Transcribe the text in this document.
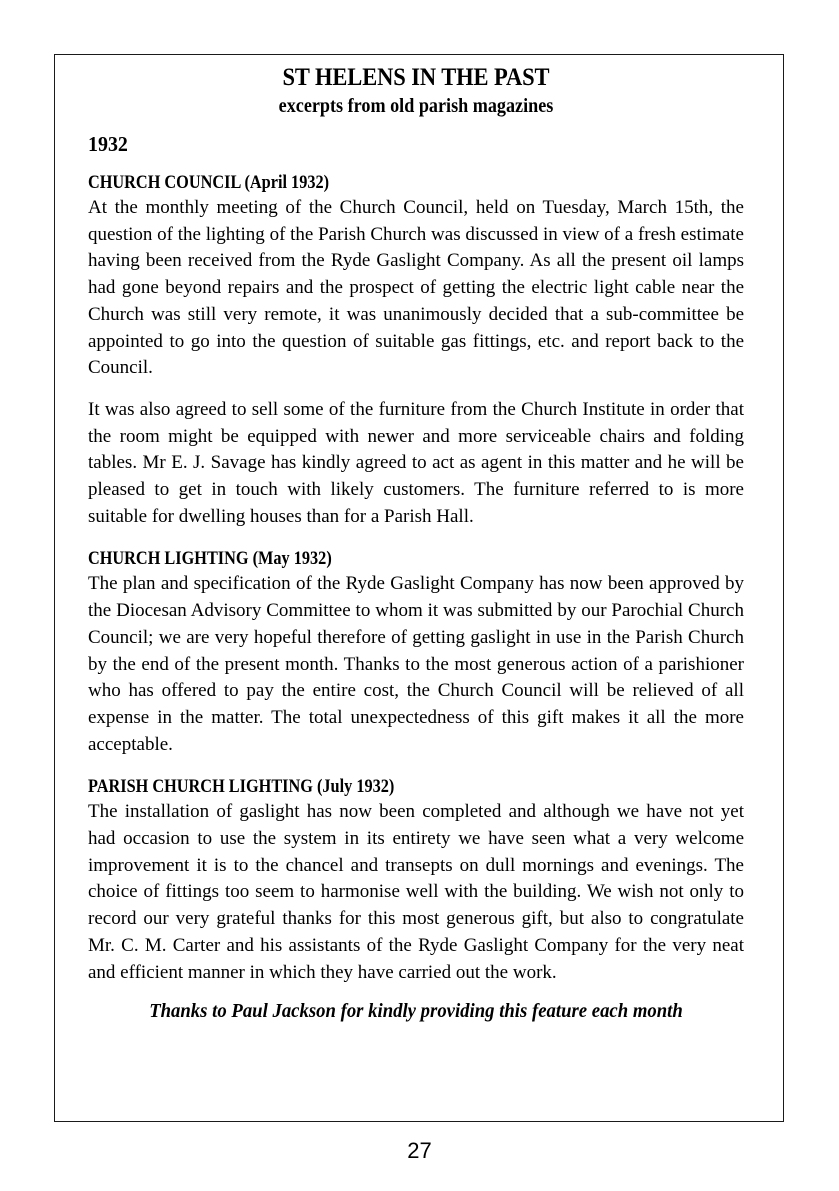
ST HELENS IN THE PAST
excerpts from old parish magazines
1932
CHURCH COUNCIL (April 1932)

At the monthly meeting of the Church Council, held on Tuesday, March 15th, the question of the lighting of the Parish Church was discussed in view of a fresh estimate having been received from the Ryde Gaslight Company. As all the present oil lamps had gone beyond repairs and the prospect of getting the electric light cable near the Church was still very remote, it was unanimously decided that a sub-committee be appointed to go into the question of suitable gas fittings, etc. and report back to the Council.

It was also agreed to sell some of the furniture from the Church Institute in order that the room might be equipped with newer and more serviceable chairs and folding tables. Mr E. J. Savage has kindly agreed to act as agent in this matter and he will be pleased to get in touch with likely customers. The furniture referred to is more suitable for dwelling houses than for a Parish Hall.

CHURCH LIGHTING (May 1932)

The plan and specification of the Ryde Gaslight Company has now been approved by the Diocesan Advisory Committee to whom it was submitted by our Parochial Church Council; we are very hopeful therefore of getting gaslight in use in the Parish Church by the end of the present month. Thanks to the most generous action of a parishioner who has offered to pay the entire cost, the Church Council will be relieved of all expense in the matter. The total unexpectedness of this gift makes it all the more acceptable.

PARISH CHURCH LIGHTING (July 1932)

The installation of gaslight has now been completed and although we have not yet had occasion to use the system in its entirety we have seen what a very welcome improvement it is to the chancel and transepts on dull mornings and evenings. The choice of fittings too seem to harmonise well with the building. We wish not only to record our very grateful thanks for this most generous gift, but also to congratulate Mr. C. M. Carter and his assistants of the Ryde Gaslight Company for the very neat and efficient manner in which they have carried out the work.

Thanks to Paul Jackson for kindly providing this feature each month
27
